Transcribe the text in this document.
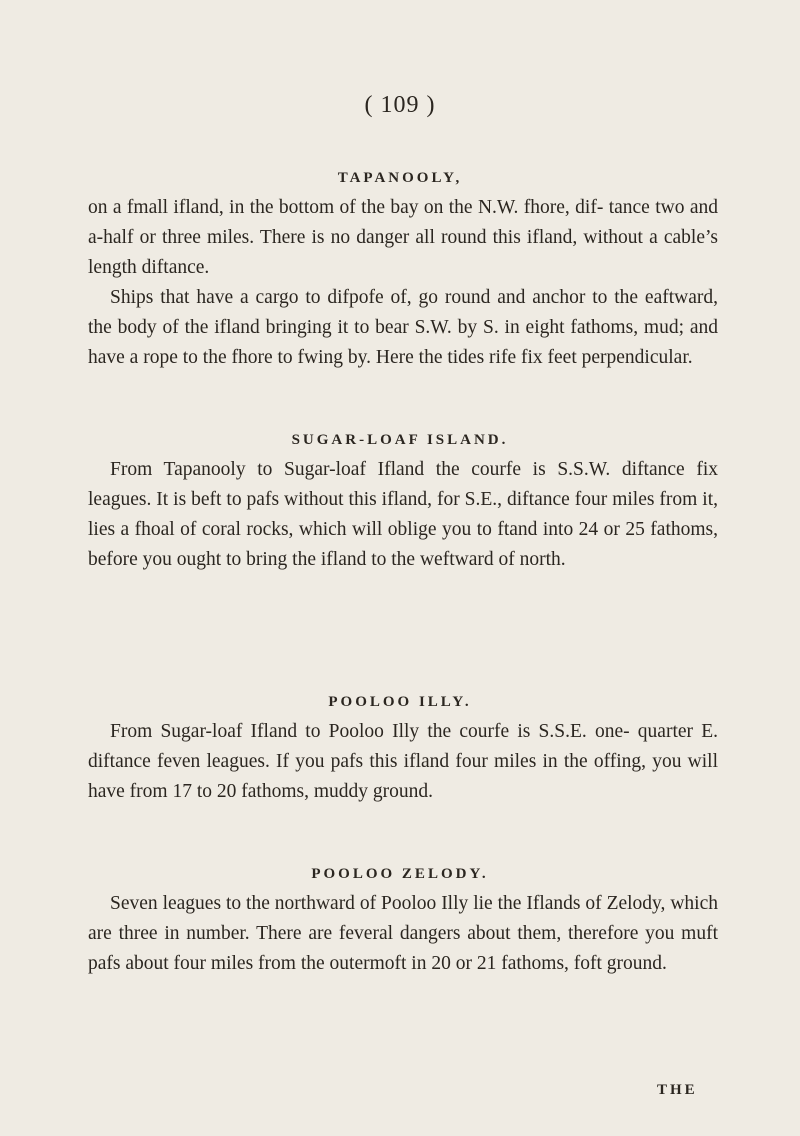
( 109 )
TAPANOOLY,

on a fmall ifland, in the bottom of the bay on the N.W. fhore, dif- tance two and a-half or three miles. There is no danger all round this ifland, without a cable’s length diftance.

Ships that have a cargo to difpofe of, go round and anchor to the eaftward, the body of the ifland bringing it to bear S.W. by S. in eight fathoms, mud; and have a rope to the fhore to fwing by. Here the tides rife fix feet perpendicular.

SUGAR-LOAF ISLAND.

From Tapanooly to Sugar-loaf Ifland the courfe is S.S.W. diftance fix leagues. It is beft to pafs without this ifland, for S.E., diftance four miles from it, lies a fhoal of coral rocks, which will oblige you to ftand into 24 or 25 fathoms, before you ought to bring the ifland to the weftward of north.

POOLOO ILLY.

From Sugar-loaf Ifland to Pooloo Illy the courfe is S.S.E. one- quarter E. diftance feven leagues. If you pafs this ifland four miles in the offing, you will have from 17 to 20 fathoms, muddy ground.

POOLOO ZELODY.

Seven leagues to the northward of Pooloo Illy lie the Iflands of Zelody, which are three in number. There are feveral dangers about them, therefore you muft pafs about four miles from the outermoft in 20 or 21 fathoms, foft ground.

THE
